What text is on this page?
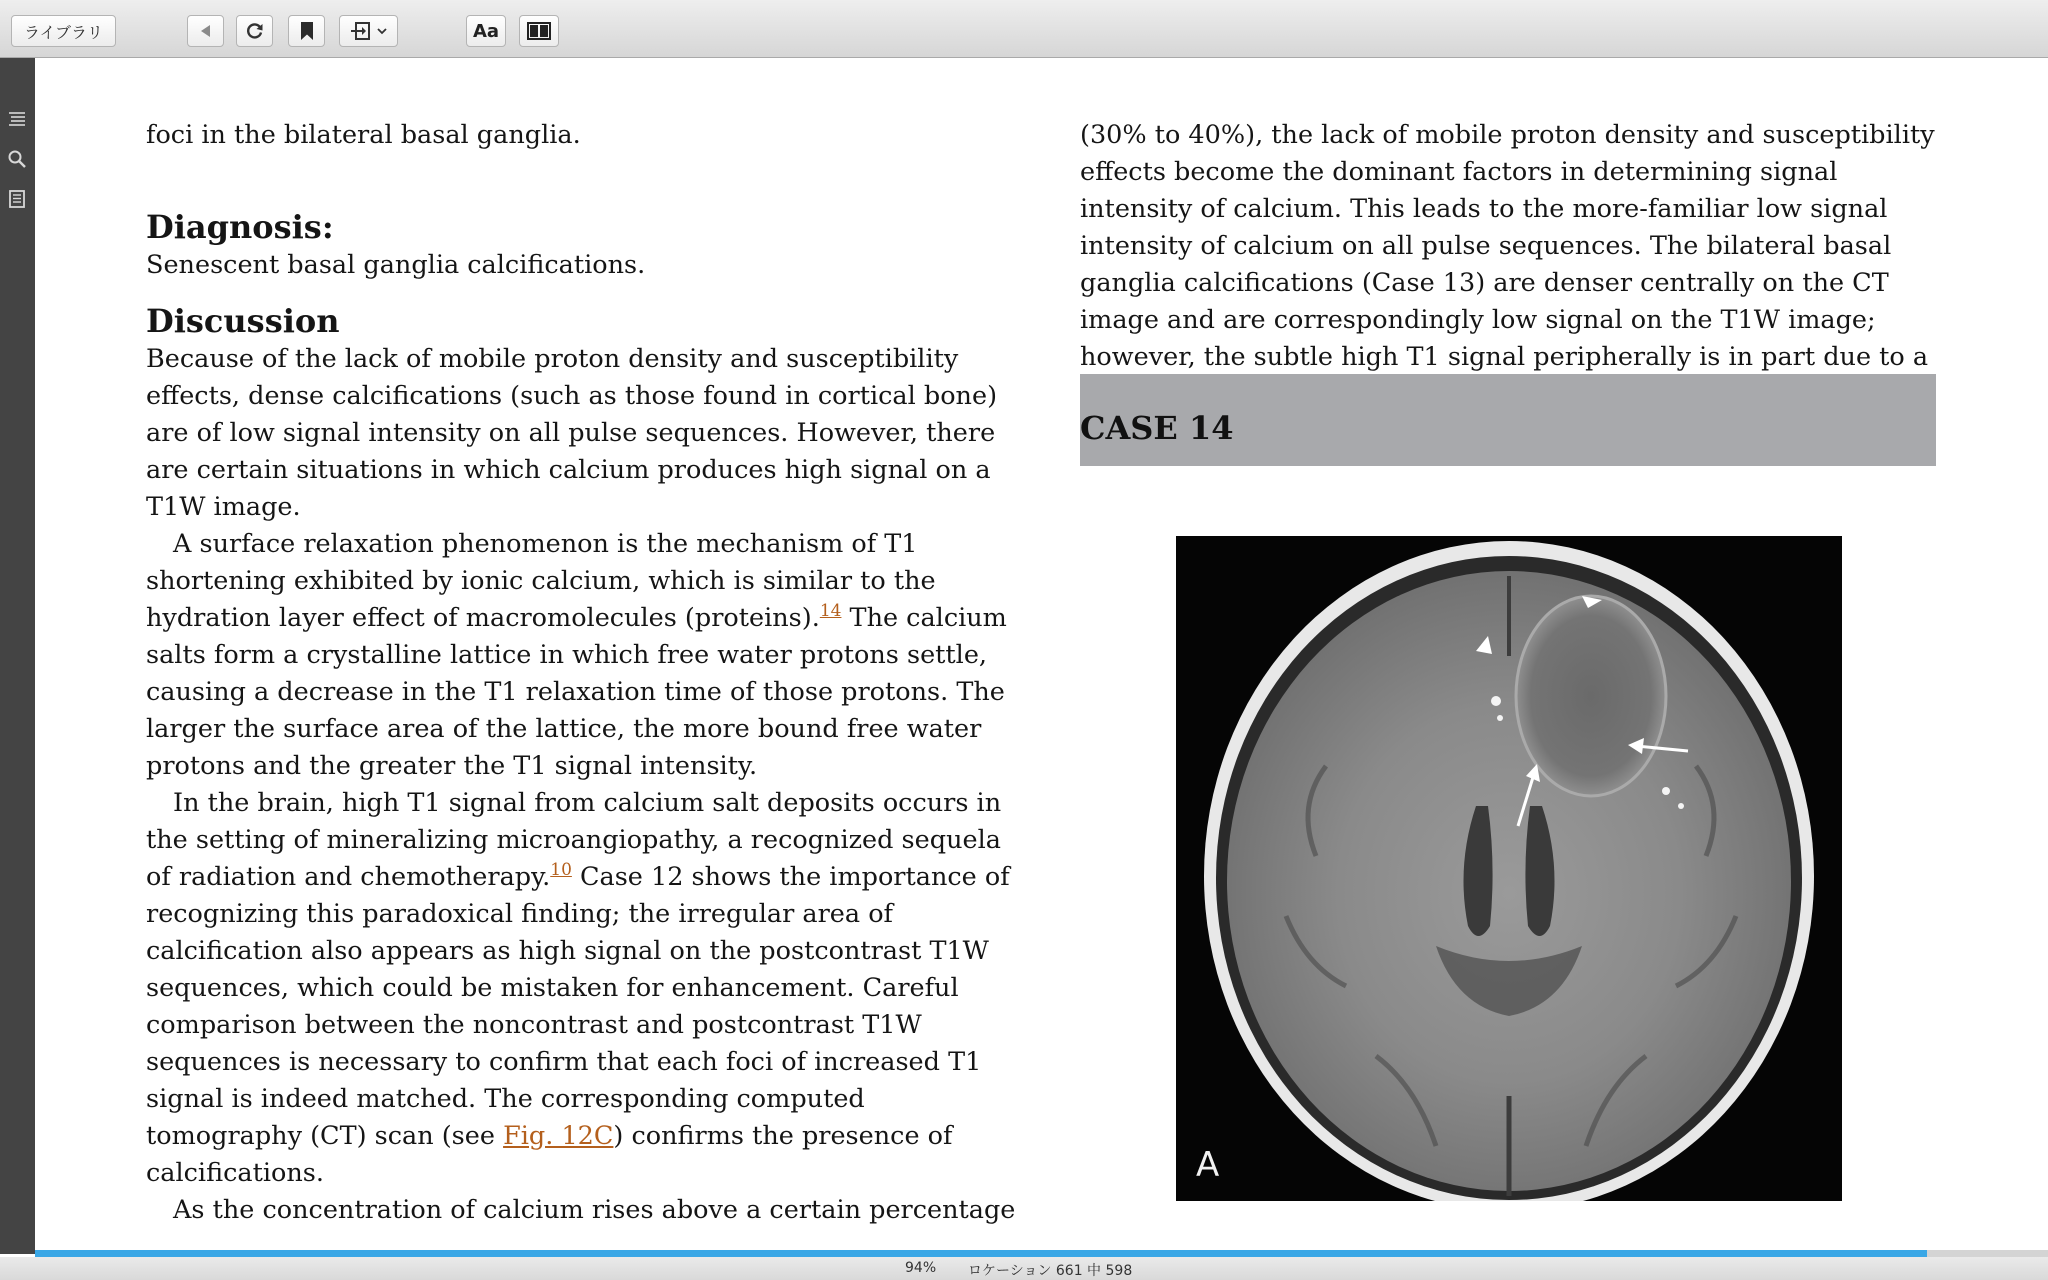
ライブラリ	Aa
foci in the bilateral basal ganglia.
Diagnosis:
Senescent basal ganglia calcifications.
Discussion
Because of the lack of mobile proton density and susceptibility effects, dense calcifications (such as those found in cortical bone) are of low signal intensity on all pulse sequences. However, there are certain situations in which calcium produces high signal on a T1W image.
A surface relaxation phenomenon is the mechanism of T1 shortening exhibited by ionic calcium, which is similar to the hydration layer effect of macromolecules (proteins).$^{14}$ The calcium salts form a crystalline lattice in which free water protons settle, causing a decrease in the T1 relaxation time of those protons. The larger the surface area of the lattice, the more bound free water protons and the greater the T1 signal intensity.
In the brain, high T1 signal from calcium salt deposits occurs in the setting of mineralizing microangiopathy, a recognized sequela of radiation and chemotherapy.$^{10}$ Case 12 shows the importance of recognizing this paradoxical finding; the irregular area of calcification also appears as high signal on the postcontrast T1W sequences, which could be mistaken for enhancement. Careful comparison between the noncontrast and postcontrast T1W sequences is necessary to confirm that each foci of increased T1 signal is indeed matched. The corresponding computed tomography (CT) scan (see Fig. 12C) confirms the presence of calcifications.
As the concentration of calcium rises above a certain percentage
(30% to 40%), the lack of mobile proton density and susceptibility effects become the dominant factors in determining signal intensity of calcium. This leads to the more-familiar low signal intensity of calcium on all pulse sequences. The bilateral basal ganglia calcifications (Case 13) are denser centrally on the CT image and are correspondingly low signal on the T1W image; however, the subtle high T1 signal peripherally is in part due to a
CASE 14
A
94% ロケーション 661 中 598
